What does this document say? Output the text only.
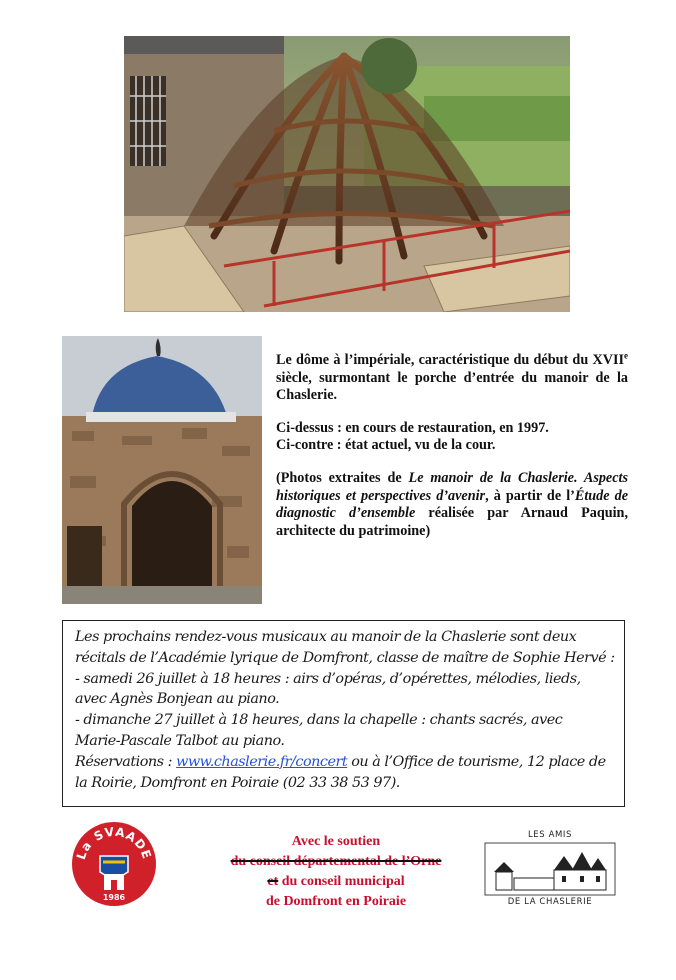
Le dôme à l’impériale, caractéristique du début du XVIIe siècle, surmontant le porche d’entrée du manoir de la Chaslerie.

Ci-dessus : en cours de restauration, en 1997.
Ci-contre : état actuel, vu de la cour.

(Photos extraites de Le manoir de la Chaslerie. Aspects historiques et perspectives d’avenir, à partir de l’Étude de diagnostic d’ensemble réalisée par Arnaud Paquin, architecte du patrimoine)

Les prochains rendez-vous musicaux au manoir de la Chaslerie sont deux
récitals de l’Académie lyrique de Domfront, classe de maître de Sophie Hervé :
- samedi 26 juillet à 18 heures : airs d’opéras, d’opérettes, mélodies, lieds,
avec Agnès Bonjean au piano.
- dimanche 27 juillet à 18 heures, dans la chapelle : chants sacrés, avec
Marie-Pascale Talbot au piano.
Réservations : www.chaslerie.fr/concert ou à l’Office de tourisme, 12 place de
la Roirie, Domfront en Poiraie (02 33 38 53 97).
La SVAADE
1986
Avec le soutien
du conseil départemental de l’Orne
et du conseil municipal
de Domfront en Poiraie
LES AMIS
DE LA CHASLERIE
